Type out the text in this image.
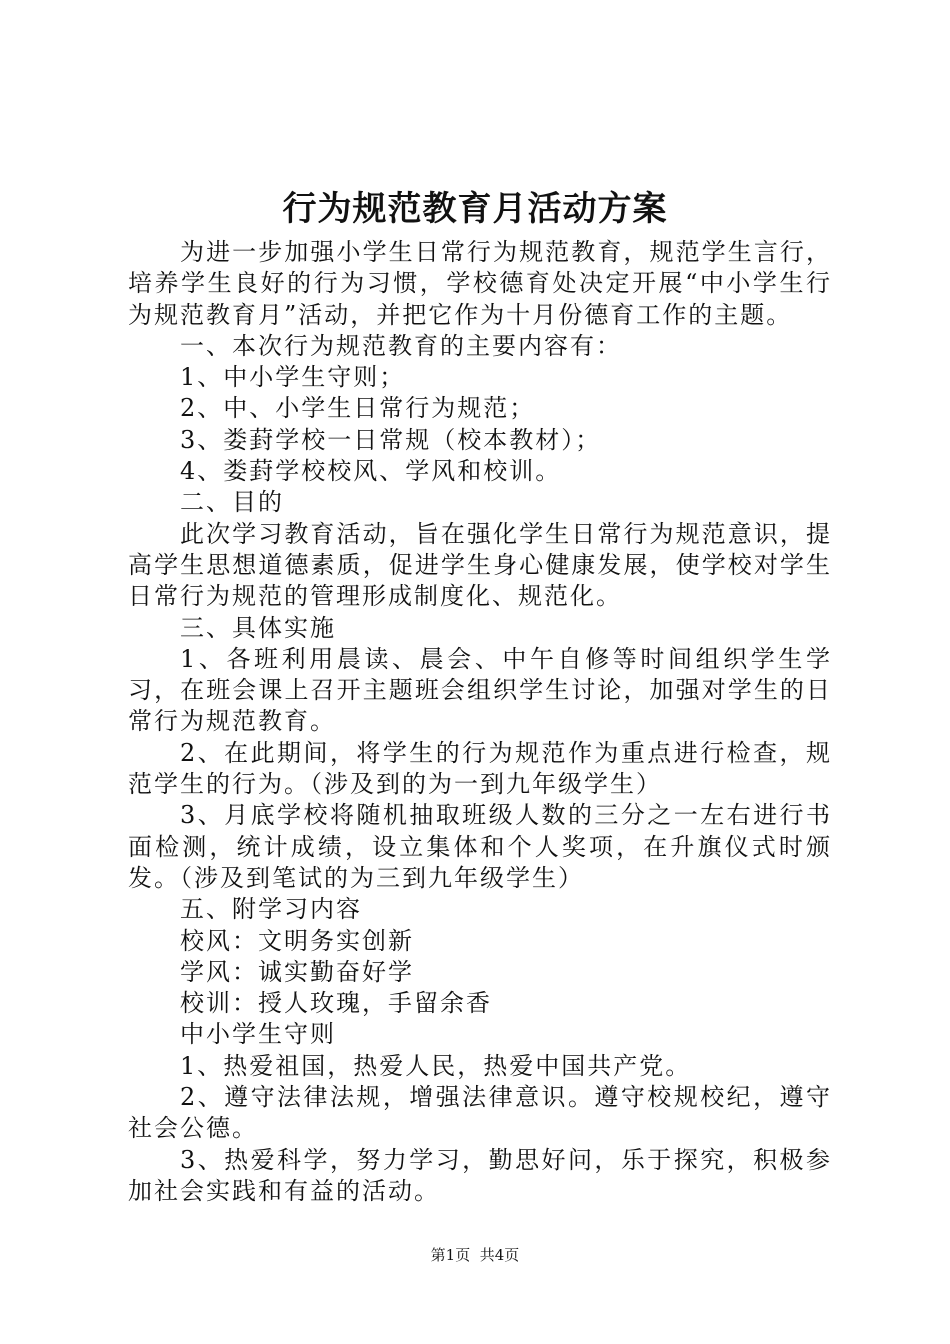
行为规范教育月活动方案

为进一步加强小学生日常行为规范教育，规范学生言行，培养学生良好的行为习惯，学校德育处决定开展“中小学生行为规范教育月”活动，并把它作为十月份德育工作的主题。

一、本次行为规范教育的主要内容有：

1、中小学生守则；

2、中、小学生日常行为规范；

3、娄葑学校一日常规（校本教材）；

4、娄葑学校校风、学风和校训。

二、目的

此次学习教育活动，旨在强化学生日常行为规范意识，提高学生思想道德素质，促进学生身心健康发展，使学校对学生日常行为规范的管理形成制度化、规范化。

三、具体实施

1、各班利用晨读、晨会、中午自修等时间组织学生学习，在班会课上召开主题班会组织学生讨论，加强对学生的日常行为规范教育。

2、在此期间，将学生的行为规范作为重点进行检查，规范学生的行为。（涉及到的为一到九年级学生）

3、月底学校将随机抽取班级人数的三分之一左右进行书面检测，统计成绩，设立集体和个人奖项，在升旗仪式时颁发。（涉及到笔试的为三到九年级学生）

五、附学习内容

校风：文明务实创新

学风：诚实勤奋好学

校训：授人玫瑰，手留余香

中小学生守则

1、热爱祖国，热爱人民，热爱中国共产党。

2、遵守法律法规，增强法律意识。遵守校规校纪，遵守社会公德。

3、热爱科学，努力学习，勤思好问，乐于探究，积极参加社会实践和有益的活动。

第1页 共4页
